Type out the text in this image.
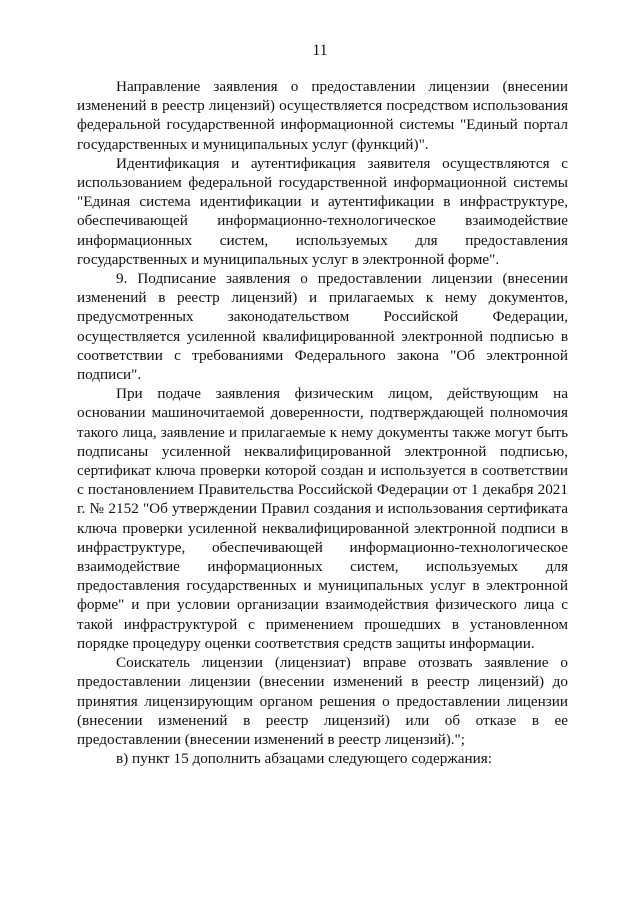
11

Направление заявления о предоставлении лицензии (внесении изменений в реестр лицензий) осуществляется посредством использования федеральной государственной информационной системы "Единый портал государственных и муниципальных услуг (функций)".

Идентификация и аутентификация заявителя осуществляются с использованием федеральной государственной информационной системы "Единая система идентификации и аутентификации в инфраструктуре, обеспечивающей информационно-технологическое взаимодействие информационных систем, используемых для предоставления государственных и муниципальных услуг в электронной форме".

9. Подписание заявления о предоставлении лицензии (внесении изменений в реестр лицензий) и прилагаемых к нему документов, предусмотренных законодательством Российской Федерации, осуществляется усиленной квалифицированной электронной подписью в соответствии с требованиями Федерального закона "Об электронной подписи".

При подаче заявления физическим лицом, действующим на основании машиночитаемой доверенности, подтверждающей полномочия такого лица, заявление и прилагаемые к нему документы также могут быть подписаны усиленной неквалифицированной электронной подписью, сертификат ключа проверки которой создан и используется в соответствии с постановлением Правительства Российской Федерации от 1 декабря 2021 г. № 2152 "Об утверждении Правил создания и использования сертификата ключа проверки усиленной неквалифицированной электронной подписи в инфраструктуре, обеспечивающей информационно-технологическое взаимодействие информационных систем, используемых для предоставления государственных и муниципальных услуг в электронной форме" и при условии организации взаимодействия физического лица с такой инфраструктурой с применением прошедших в установленном порядке процедуру оценки соответствия средств защиты информации.

Соискатель лицензии (лицензиат) вправе отозвать заявление о предоставлении лицензии (внесении изменений в реестр лицензий) до принятия лицензирующим органом решения о предоставлении лицензии (внесении изменений в реестр лицензий) или об отказе в ее предоставлении (внесении изменений в реестр лицензий).";

в) пункт 15 дополнить абзацами следующего содержания:
